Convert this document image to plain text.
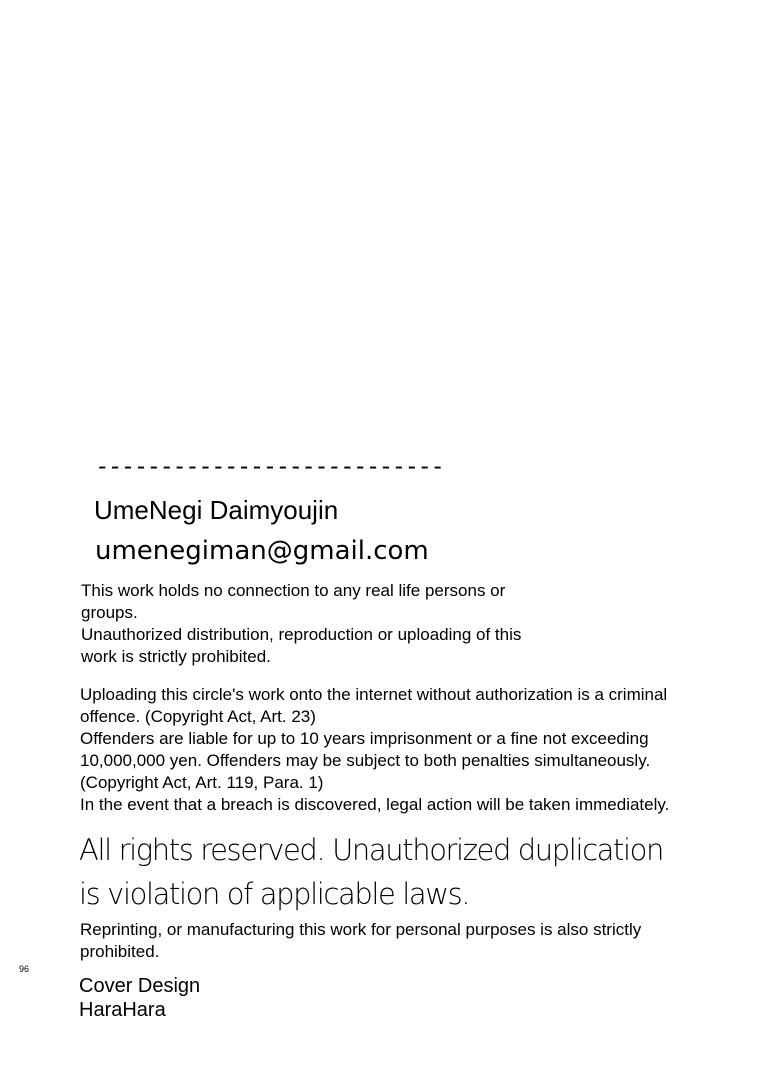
---------------------------
UmeNegi Daimyoujin
umenegiman@gmail.com

This work holds no connection to any real life persons or groups.

Unauthorized distribution, reproduction or uploading of this work is strictly prohibited.

Uploading this circle's work onto the internet without authorization is a criminal offence. (Copyright Act, Art. 23)

Offenders are liable for up to 10 years imprisonment or a fine not exceeding 10,000,000 yen. Offenders may be subject to both penalties simultaneously. (Copyright Act, Art. 119, Para. 1)

In the event that a breach is discovered, legal action will be taken immediately.

All rights reserved. Unauthorized duplication

is violation of applicable laws.

Reprinting, or manufacturing this work for personal purposes is also strictly prohibited.
96

Cover Design

HaraHara
